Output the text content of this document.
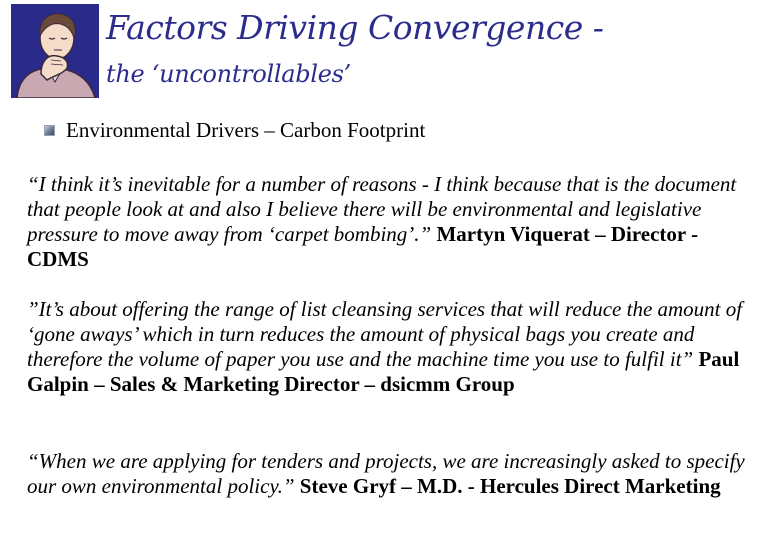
Factors Driving Convergence -
the ‘uncontrollables’
Environmental Drivers – Carbon Footprint

“I think it’s inevitable for a number of reasons - I think because that is the document that people look at and also I believe there will be environmental and legislative pressure to move away from ‘carpet bombing’.” Martyn Viquerat – Director - CDMS

”It’s about offering the range of list cleansing services that will reduce the amount of ‘gone aways’ which in turn reduces the amount of physical bags you create and therefore the volume of paper you use and the machine time you use to fulfil it” Paul Galpin – Sales & Marketing Director – dsicmm Group

“When we are applying for tenders and projects, we are increasingly asked to specify our own environmental policy.” Steve Gryf – M.D. - Hercules Direct Marketing
